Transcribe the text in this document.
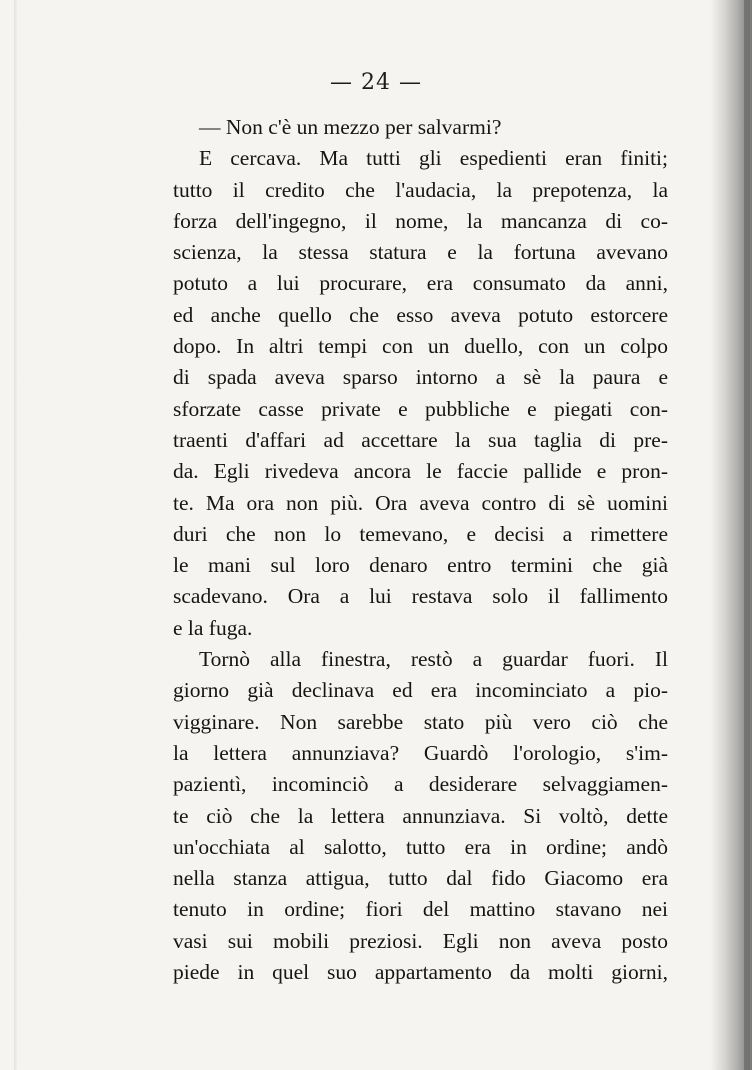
— 24 —
— Non c'è un mezzo per salvarmi?
E cercava. Ma tutti gli espedienti eran finiti;
tutto il credito che l'audacia, la prepotenza, la
forza dell'ingegno, il nome, la mancanza di co-
scienza, la stessa statura e la fortuna avevano
potuto a lui procurare, era consumato da anni,
ed anche quello che esso aveva potuto estorcere
dopo. In altri tempi con un duello, con un colpo
di spada aveva sparso intorno a sè la paura e
sforzate casse private e pubbliche e piegati con-
traenti d'affari ad accettare la sua taglia di pre-
da. Egli rivedeva ancora le faccie pallide e pron-
te. Ma ora non più. Ora aveva contro di sè uomini
duri che non lo temevano, e decisi a rimettere
le mani sul loro denaro entro termini che già
scadevano. Ora a lui restava solo il fallimento
e la fuga.
Tornò alla finestra, restò a guardar fuori. Il
giorno già declinava ed era incominciato a pio-
vigginare. Non sarebbe stato più vero ciò che
la lettera annunziava? Guardò l'orologio, s'im-
pazientì, incominciò a desiderare selvaggiamen-
te ciò che la lettera annunziava. Si voltò, dette
un'occhiata al salotto, tutto era in ordine; andò
nella stanza attigua, tutto dal fido Giacomo era
tenuto in ordine; fiori del mattino stavano nei
vasi sui mobili preziosi. Egli non aveva posto
piede in quel suo appartamento da molti giorni,
